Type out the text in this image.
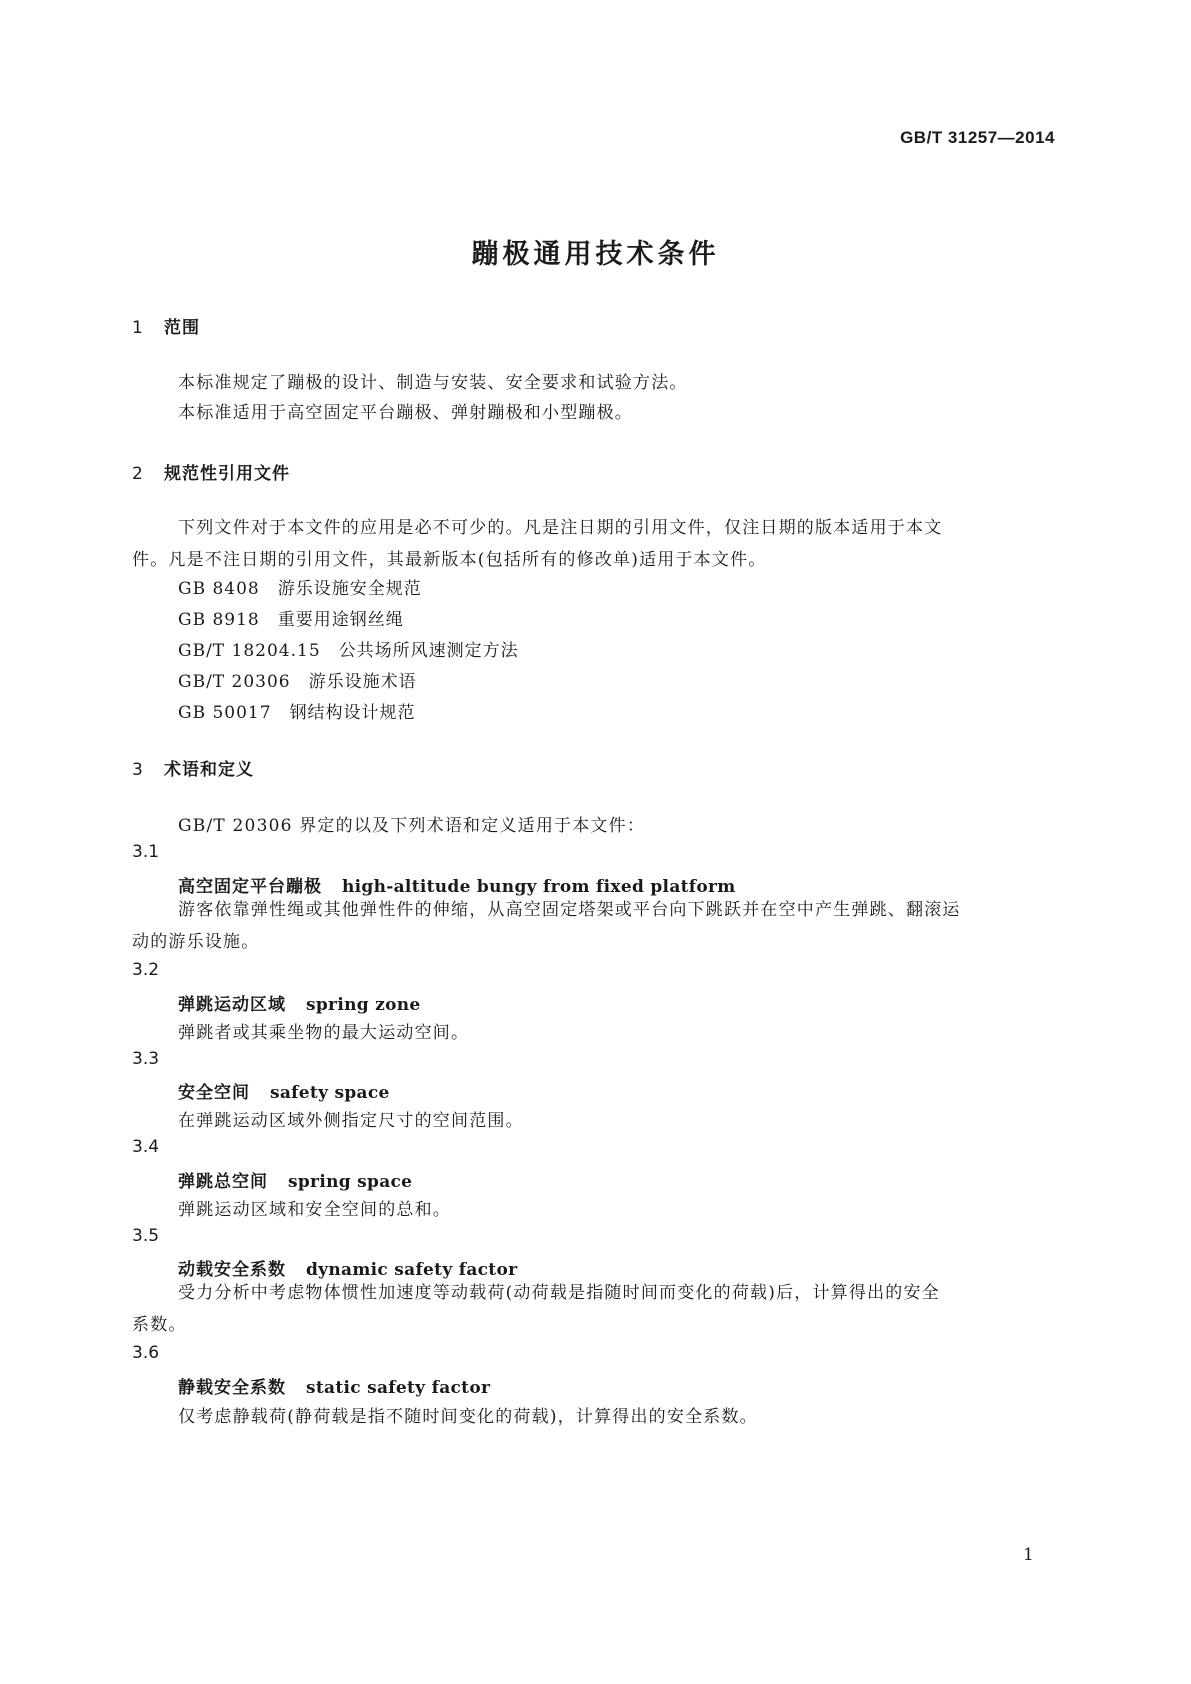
GB/T 31257—2014
蹦极通用技术条件
1 范围
本标准规定了蹦极的设计、制造与安装、安全要求和试验方法。
本标准适用于高空固定平台蹦极、弹射蹦极和小型蹦极。
2 规范性引用文件
下列文件对于本文件的应用是必不可少的。凡是注日期的引用文件，仅注日期的版本适用于本文
件。凡是不注日期的引用文件，其最新版本(包括所有的修改单)适用于本文件。
GB 8408 游乐设施安全规范
GB 8918 重要用途钢丝绳
GB/T 18204.15 公共场所风速测定方法
GB/T 20306 游乐设施术语
GB 50017 钢结构设计规范
3 术语和定义
GB/T 20306 界定的以及下列术语和定义适用于本文件：
3.1
高空固定平台蹦极 high-altitude bungy from fixed platform
游客依靠弹性绳或其他弹性件的伸缩，从高空固定塔架或平台向下跳跃并在空中产生弹跳、翻滚运
动的游乐设施。
3.2
弹跳运动区域 spring zone
弹跳者或其乘坐物的最大运动空间。
3.3
安全空间 safety space
在弹跳运动区域外侧指定尺寸的空间范围。
3.4
弹跳总空间 spring space
弹跳运动区域和安全空间的总和。
3.5
动载安全系数 dynamic safety factor
受力分析中考虑物体惯性加速度等动载荷(动荷载是指随时间而变化的荷载)后，计算得出的安全
系数。
3.6
静载安全系数 static safety factor
仅考虑静载荷(静荷载是指不随时间变化的荷载)，计算得出的安全系数。
1
